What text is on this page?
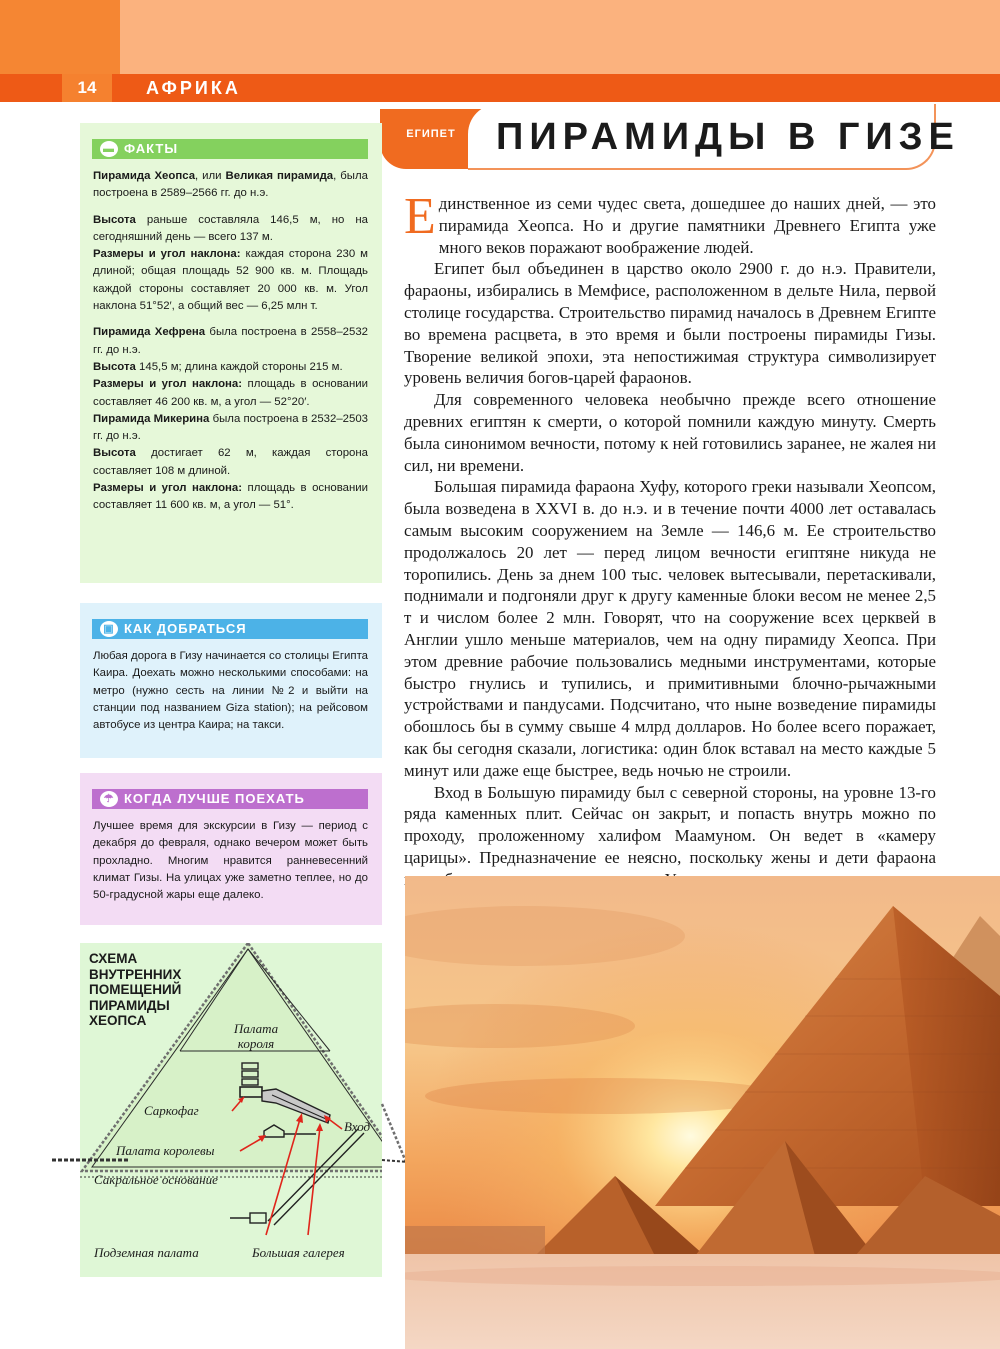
14	АФРИКА
ЕГИПЕТ	ПИРАМИДЫ В ГИЗЕ
▬ ФАКТЫ

Пирамида Хеопса, или Великая пирамида, была построена в 2589–2566 гг. до н.э.

Высота раньше составляла 146,5 м, но на сегодняшний день — всего 137 м.

Размеры и угол наклона: каждая сторона 230 м длиной; общая площадь 52 900 кв. м. Площадь каждой стороны составляет 20 000 кв. м. Угол наклона 51°52′, а общий вес — 6,25 млн т.

Пирамида Хефрена была построена в 2558–2532 гг. до н.э.

Высота 145,5 м; длина каждой стороны 215 м.

Размеры и угол наклона: площадь в основании составляет 46 200 кв. м, а угол — 52°20′.

Пирамида Микерина была построена в 2532–2503 гг. до н.э.

Высота достигает 62 м, каждая сторона составляет 108 м длиной.

Размеры и угол наклона: площадь в основании составляет 11 600 кв. м, а угол — 51°.

▣ КАК ДОБРАТЬСЯ

Любая дорога в Гизу начинается со столицы Египта Каира. Доехать можно несколькими способами: на метро (нужно сесть на линии №2 и выйти на станции под названием Giza station); на рейсовом автобусе из центра Каира; на такси.

☂ КОГДА ЛУЧШЕ ПОЕХАТЬ

Лучшее время для экскурсии в Гизу — период с декабря до февраля, однако вечером может быть прохладно. Многим нравится ранневесенний климат Гизы. На улицах уже заметно теплее, но до 50-градусной жары еще далеко.

СХЕМА ВНУТРЕННИХ ПОМЕЩЕНИЙ ПИРАМИДЫ ХЕОПСА
Палата короля
Саркофаг
Вход
Палата королевы
Сакральное основание
Подземная палата	Большая галерея

Единственное из семи чудес света, дошедшее до наших дней, — это пирамида Хеопса. Но и другие памятники Древнего Египта уже много веков поражают воображение людей.

Египет был объединен в царство около 2900 г. до н.э. Правители, фараоны, избирались в Мемфисе, расположенном в дельте Нила, первой столице государства. Строительство пирамид началось в Древнем Египте во времена расцвета, в это время и были построены пирамиды Гизы. Творение великой эпохи, эта непостижимая структура символизирует уровень величия богов-царей фараонов.

Для современного человека необычно прежде всего отношение древних египтян к смерти, о которой помнили каждую минуту. Смерть была синонимом вечности, потому к ней готовились заранее, не жалея ни сил, ни времени.

Большая пирамида фараона Хуфу, которого греки называли Хеопсом, была возведена в XXVI в. до н.э. и в течение почти 4000 лет оставалась самым высоким сооружением на Земле — 146,6 м. Ее строительство продолжалось 20 лет — перед лицом вечности египтяне никуда не торопились. День за днем 100 тыс. человек вытесывали, перетаскивали, поднимали и подгоняли друг к другу каменные блоки весом не менее 2,5 т и числом более 2 млн. Говорят, что на сооружение всех церквей в Англии ушло меньше материалов, чем на одну пирамиду Хеопса. При этом древние рабочие пользовались медными инструментами, которые быстро гнулись и тупились, и примитивными блочно-рычажными устройствами и пандусами. Подсчитано, что ныне возведение пирамиды обошлось бы в сумму свыше 4 млрд долларов. Но более всего поражает, как бы сегодня сказали, логистика: один блок вставал на место каждые 5 минут или даже еще быстрее, ведь ночью не строили.

Вход в Большую пирамиду был с северной стороны, на уровне 13-го ряда каменных плит. Сейчас он закрыт, и попасть внутрь можно по проходу, проложенному халифом Маамуном. Он ведет в «камеру царицы». Предназначение ее неясно, поскольку жены и дети фараона
